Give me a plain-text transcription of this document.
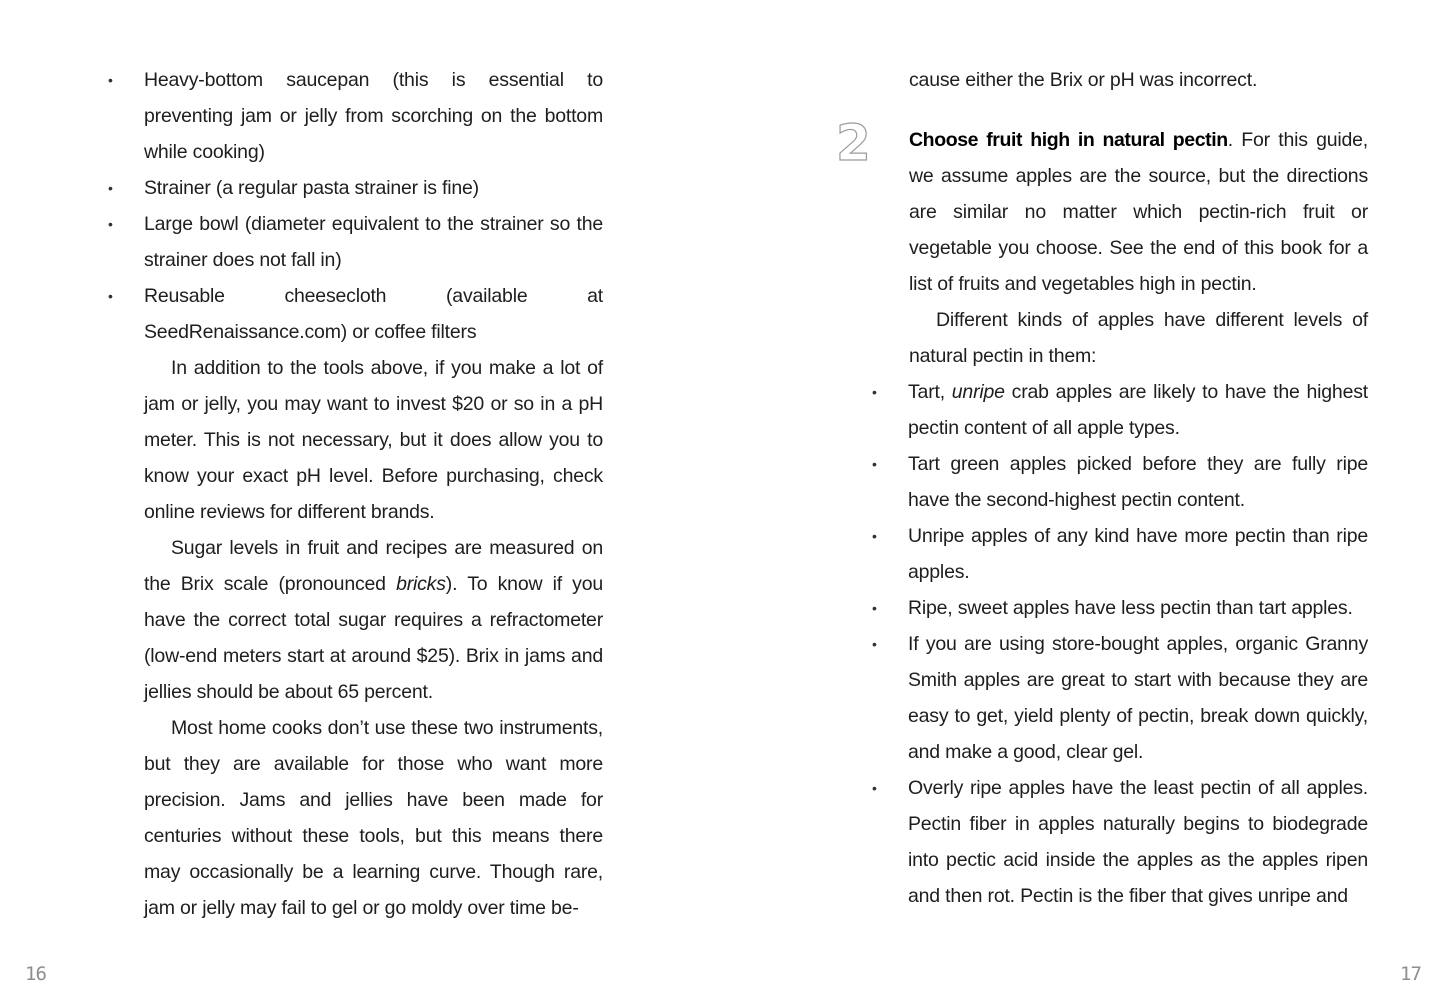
• Heavy-bottom saucepan (this is essential to preventing jam or jelly from scorching on the bottom while cooking)
• Strainer (a regular pasta strainer is fine)
• Large bowl (diameter equivalent to the strainer so the strainer does not fall in)
• Reusable cheesecloth (available at SeedRenaissance.com) or coffee filters

In addition to the tools above, if you make a lot of jam or jelly, you may want to invest $20 or so in a pH meter. This is not necessary, but it does allow you to know your exact pH level. Before purchasing, check online reviews for different brands.

Sugar levels in fruit and recipes are measured on the Brix scale (pronounced bricks). To know if you have the correct total sugar requires a refractometer (low-end meters start at around $25). Brix in jams and jellies should be about 65 percent.

Most home cooks don’t use these two instruments, but they are available for those who want more precision. Jams and jellies have been made for centuries without these tools, but this means there may occasionally be a learning curve. Though rare, jam or jelly may fail to gel or go moldy over time be-

2

cause either the Brix or pH was incorrect.

Choose fruit high in natural pectin. For this guide, we assume apples are the source, but the directions are similar no matter which pectin-rich fruit or vegetable you choose. See the end of this book for a list of fruits and vegetables high in pectin.

Different kinds of apples have different levels of natural pectin in them:

• Tart, unripe crab apples are likely to have the highest pectin content of all apple types.
• Tart green apples picked before they are fully ripe have the second-highest pectin content.
• Unripe apples of any kind have more pectin than ripe apples.
• Ripe, sweet apples have less pectin than tart apples.
• If you are using store-bought apples, organic Granny Smith apples are great to start with because they are easy to get, yield plenty of pectin, break down quickly, and make a good, clear gel.
• Overly ripe apples have the least pectin of all apples. Pectin fiber in apples naturally begins to biodegrade into pectic acid inside the apples as the apples ripen and then rot. Pectin is the fiber that gives unripe and
16	17
